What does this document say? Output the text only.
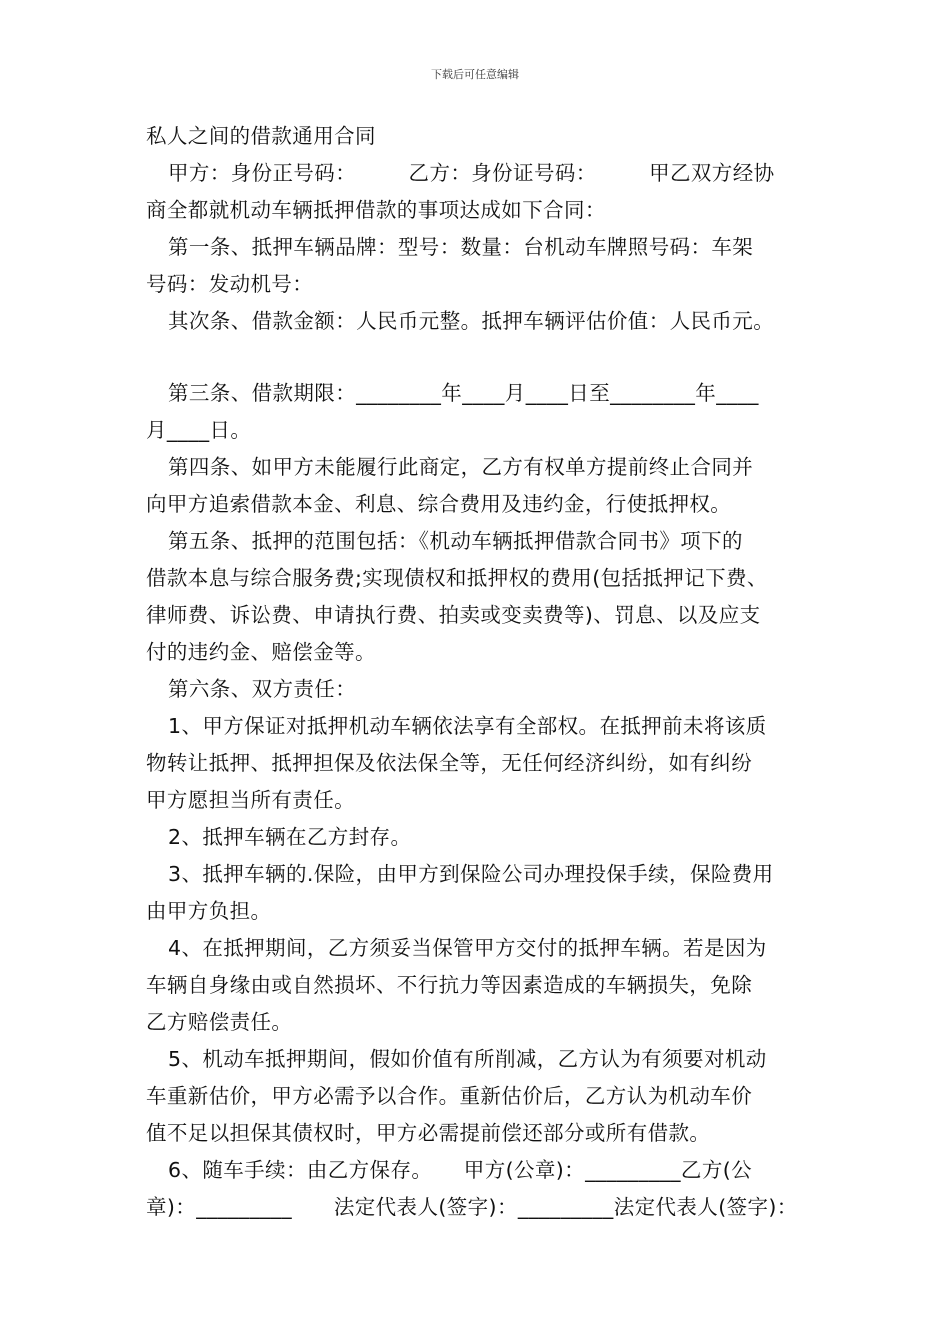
下载后可任意编辑
私人之间的借款通用合同
甲方：身份正号码：　　　乙方：身份证号码：　　　甲乙双方经协
商全都就机动车辆抵押借款的事项达成如下合同：
第一条、抵押车辆品牌：型号：数量：台机动车牌照号码：车架
号码：发动机号：
其次条、借款金额：人民币元整。抵押车辆评估价值：人民币元。
第三条、借款期限：________年____月____日至________年____
月____日。
第四条、如甲方未能履行此商定，乙方有权单方提前终止合同并
向甲方追索借款本金、利息、综合费用及违约金，行使抵押权。
第五条、抵押的范围包括：《机动车辆抵押借款合同书》项下的
借款本息与综合服务费;实现债权和抵押权的费用(包括抵押记下费、
律师费、诉讼费、申请执行费、拍卖或变卖费等)、罚息、以及应支
付的违约金、赔偿金等。
第六条、双方责任：
1、甲方保证对抵押机动车辆依法享有全部权。在抵押前未将该质
物转让抵押、抵押担保及依法保全等，无任何经济纠纷，如有纠纷
甲方愿担当所有责任。
2、抵押车辆在乙方封存。
3、抵押车辆的.保险，由甲方到保险公司办理投保手续，保险费用
由甲方负担。
4、在抵押期间，乙方须妥当保管甲方交付的抵押车辆。若是因为
车辆自身缘由或自然损坏、不行抗力等因素造成的车辆损失，免除
乙方赔偿责任。
5、机动车抵押期间，假如价值有所削减，乙方认为有须要对机动
车重新估价，甲方必需予以合作。重新估价后，乙方认为机动车价
值不足以担保其债权时，甲方必需提前偿还部分或所有借款。
6、随车手续：由乙方保存。　　甲方(公章)：_________乙方(公
章)：_________　　法定代表人(签字)：_________法定代表人(签字)：
